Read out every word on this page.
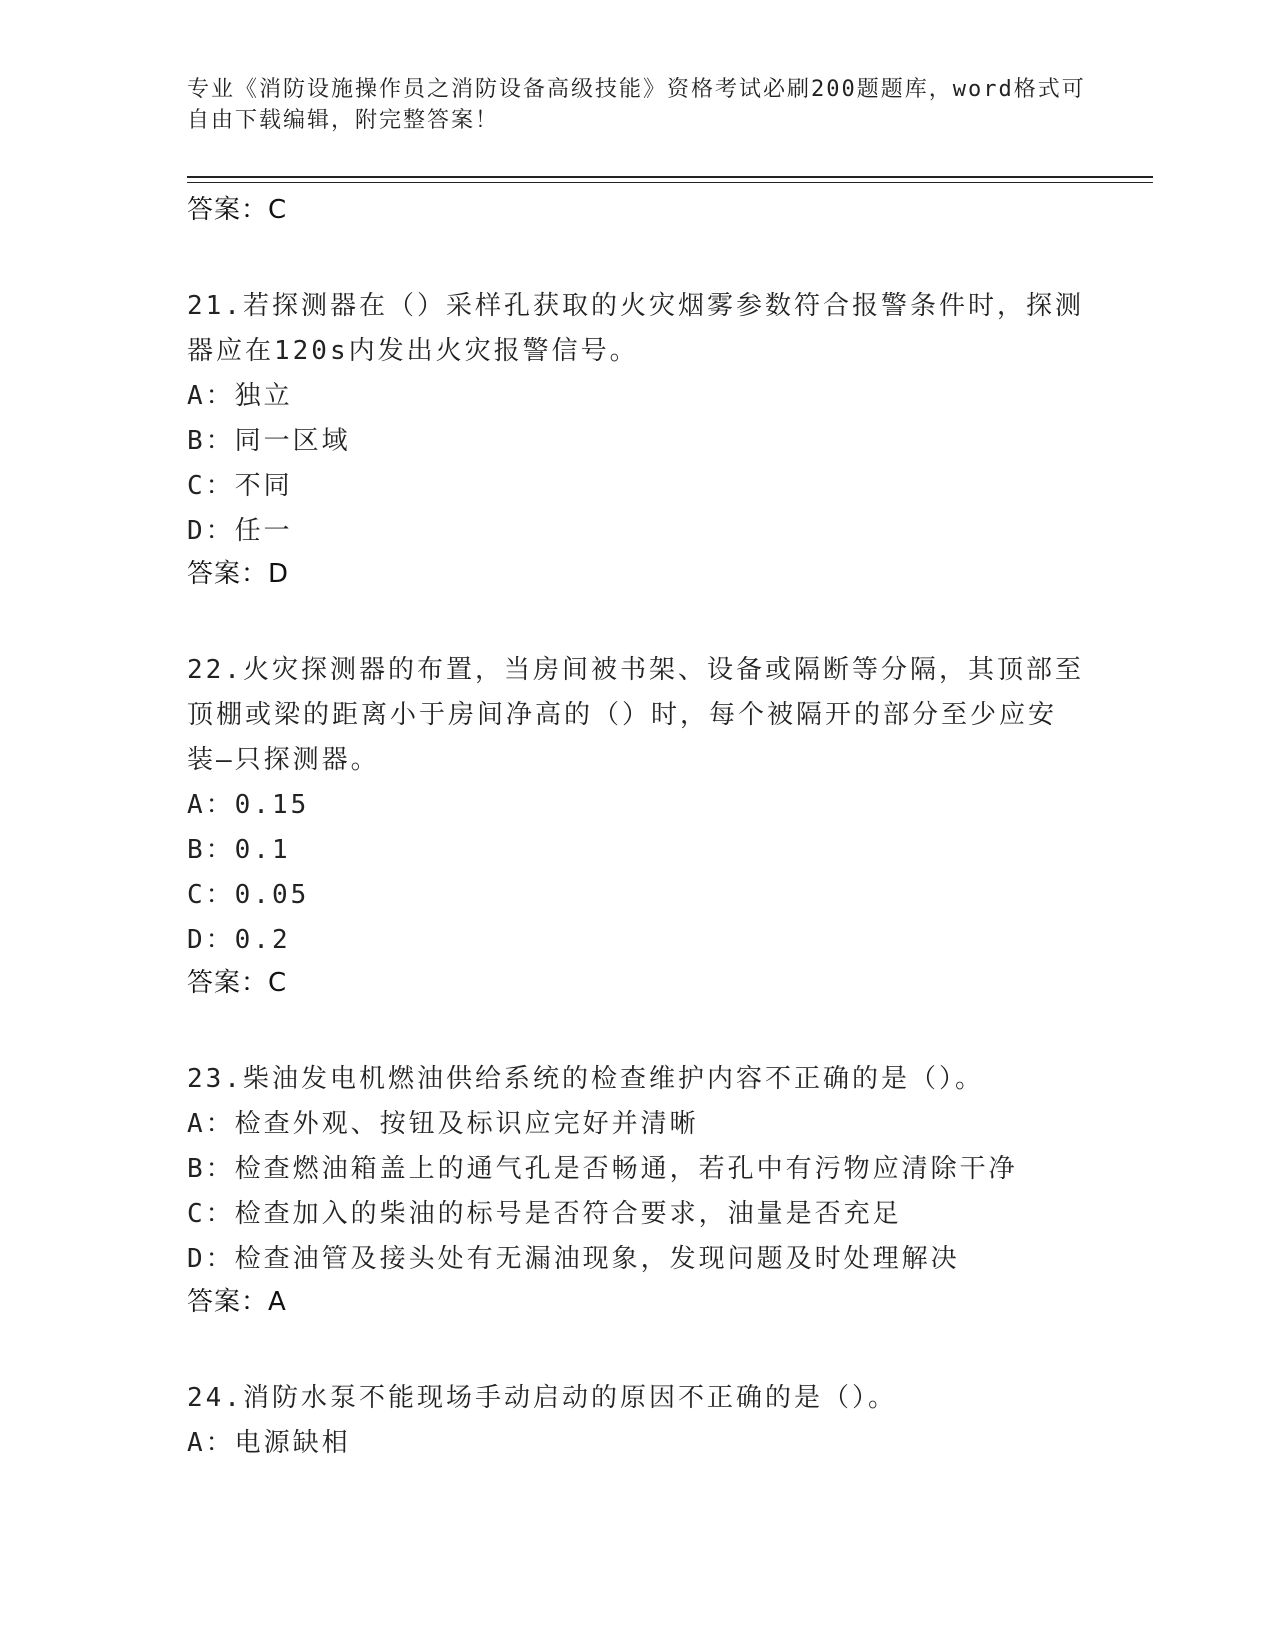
专业《消防设施操作员之消防设备高级技能》资格考试必刷200题题库，word格式可自由下载编辑，附完整答案！

答案：C

21.若探测器在（）采样孔获取的火灾烟雾参数符合报警条件时，探测

器应在120s内发出火灾报警信号。

A：独立

B：同一区域

C：不同

D：任一

答案：D

22.火灾探测器的布置，当房间被书架、设备或隔断等分隔，其顶部至

顶棚或梁的距离小于房间净高的（）时，每个被隔开的部分至少应安

装—只探测器。

A：0.15

B：0.1

C：0.05

D：0.2

答案：C

23.柴油发电机燃油供给系统的检查维护内容不正确的是（）。

A：检查外观、按钮及标识应完好并清晰

B：检查燃油箱盖上的通气孔是否畅通，若孔中有污物应清除干净

C：检查加入的柴油的标号是否符合要求，油量是否充足

D：检查油管及接头处有无漏油现象，发现问题及时处理解决

答案：A

24.消防水泵不能现场手动启动的原因不正确的是（）。

A：电源缺相
